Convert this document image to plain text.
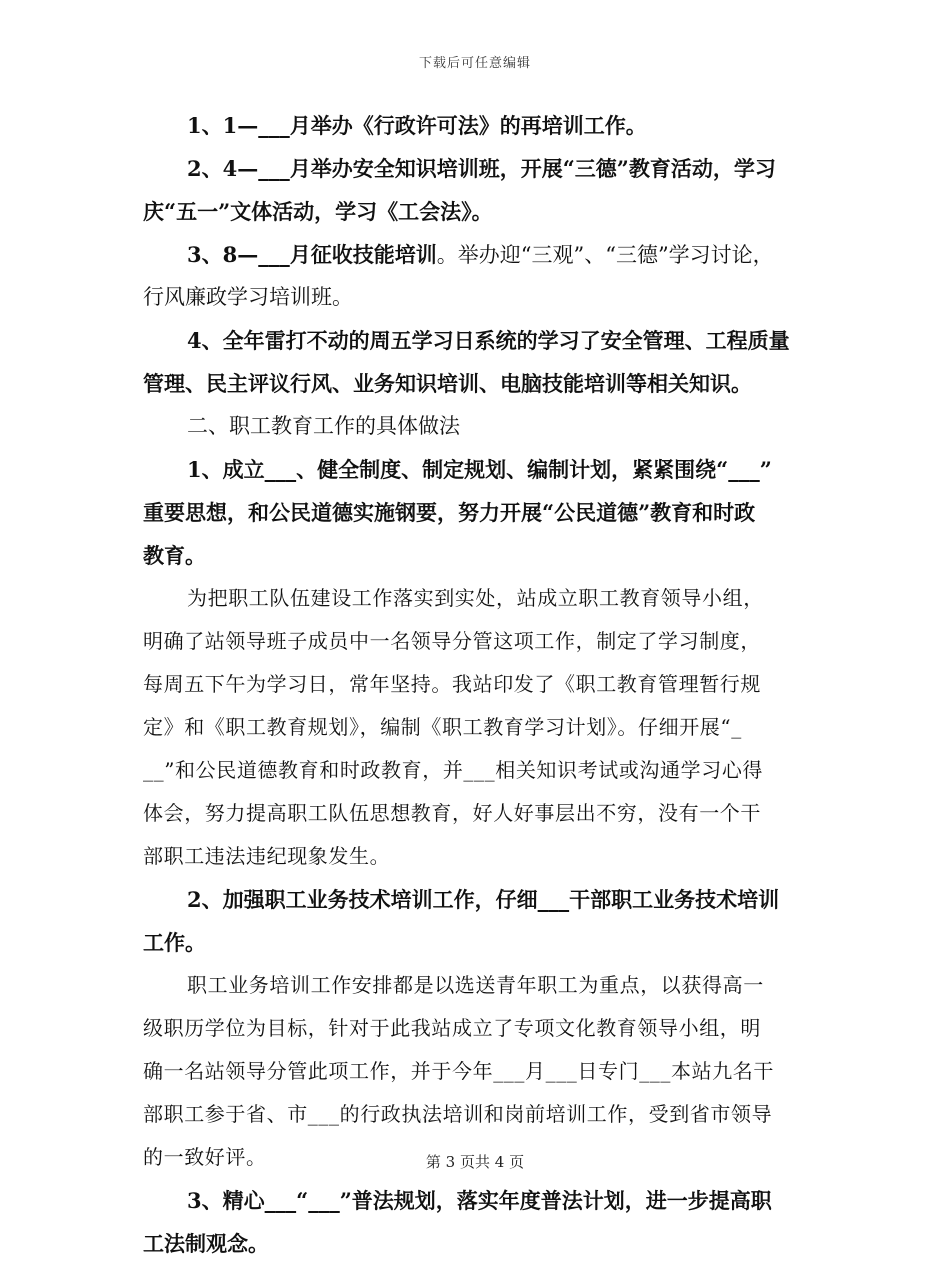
下载后可任意编辑
1、1—___月举办《行政许可法》的再培训工作。
2、4—___月举办安全知识培训班，开展“三德”教育活动，学习
庆“五一”文体活动，学习《工会法》。
3、8—___月征收技能培训。举办迎“三观”、“三德”学习讨论，
行风廉政学习培训班。
4、全年雷打不动的周五学习日系统的学习了安全管理、工程质量
管理、民主评议行风、业务知识培训、电脑技能培训等相关知识。
二、职工教育工作的具体做法
1、成立___、健全制度、制定规划、编制计划，紧紧围绕“___”
重要思想，和公民道德实施钢要，努力开展“公民道德”教育和时政
教育。
为把职工队伍建设工作落实到实处，站成立职工教育领导小组，
明确了站领导班子成员中一名领导分管这项工作，制定了学习制度，
每周五下午为学习日，常年坚持。我站印发了《职工教育管理暂行规
定》和《职工教育规划》，编制《职工教育学习计划》。仔细开展“_
__”和公民道德教育和时政教育，并___相关知识考试或沟通学习心得
体会，努力提高职工队伍思想教育，好人好事层出不穷，没有一个干
部职工违法违纪现象发生。
2、加强职工业务技术培训工作，仔细___干部职工业务技术培训
工作。
职工业务培训工作安排都是以选送青年职工为重点，以获得高一
级职历学位为目标，针对于此我站成立了专项文化教育领导小组，明
确一名站领导分管此项工作，并于今年___月___日专门___本站九名干
部职工参于省、市___的行政执法培训和岗前培训工作，受到省市领导
的一致好评。
3、精心___“___”普法规划，落实年度普法计划，进一步提高职
工法制观念。
第 3 页共 4 页
